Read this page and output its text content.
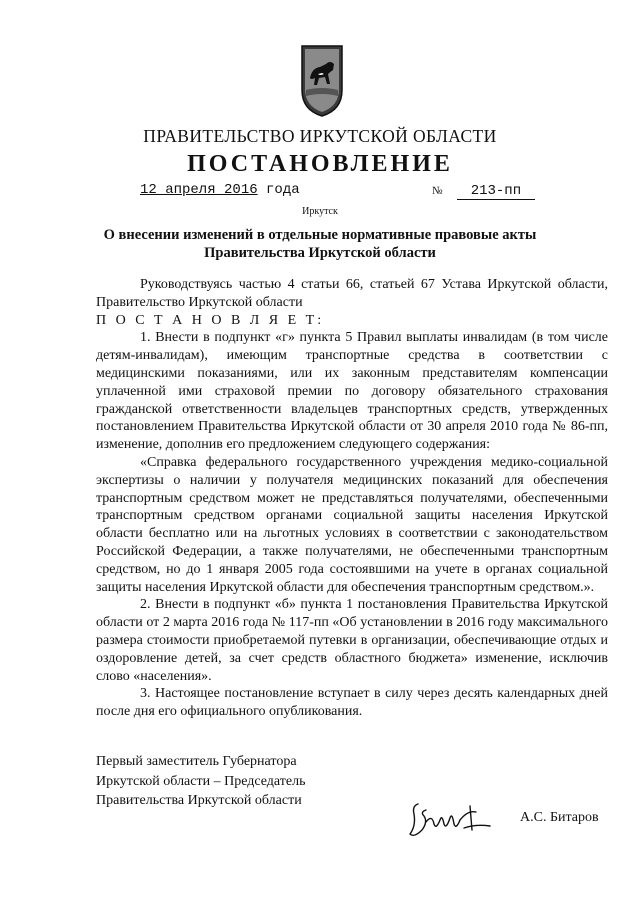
ПРАВИТЕЛЬСТВО ИРКУТСКОЙ ОБЛАСТИ
ПОСТАНОВЛЕНИЕ
12 апреля 2016 года	№ 213-пп
Иркутск
О внесении изменений в отдельные нормативные правовые акты
Правительства Иркутской области

Руководствуясь частью 4 статьи 66, статьей 67 Устава Иркутской области, Правительство Иркутской области

П О С Т А Н О В Л Я Е Т:

1. Внести в подпункт «г» пункта 5 Правил выплаты инвалидам (в том числе детям-инвалидам), имеющим транспортные средства в соответствии с медицинскими показаниями, или их законным представителям компенсации уплаченной ими страховой премии по договору обязательного страхования гражданской ответственности владельцев транспортных средств, утвержденных постановлением Правительства Иркутской области от 30 апреля 2010 года № 86-пп, изменение, дополнив его предложением следующего содержания:

«Справка федерального государственного учреждения медико-социальной экспертизы о наличии у получателя медицинских показаний для обеспечения транспортным средством может не представляться получателями, обеспеченными транспортным средством органами социальной защиты населения Иркутской области бесплатно или на льготных условиях в соответствии с законодательством Российской Федерации, а также получателями, не обеспеченными транспортным средством, но до 1 января 2005 года состоявшими на учете в органах социальной защиты населения Иркутской области для обеспечения транспортным средством.».

2. Внести в подпункт «б» пункта 1 постановления Правительства Иркутской области от 2 марта 2016 года № 117-пп «Об установлении в 2016 году максимального размера стоимости приобретаемой путевки в организации, обеспечивающие отдых и оздоровление детей, за счет средств областного бюджета» изменение, исключив слово «населения».

3. Настоящее постановление вступает в силу через десять календарных дней после дня его официального опубликования.

Первый заместитель Губернатора
Иркутской области – Председатель
Правительства Иркутской области
А.С. Битаров
